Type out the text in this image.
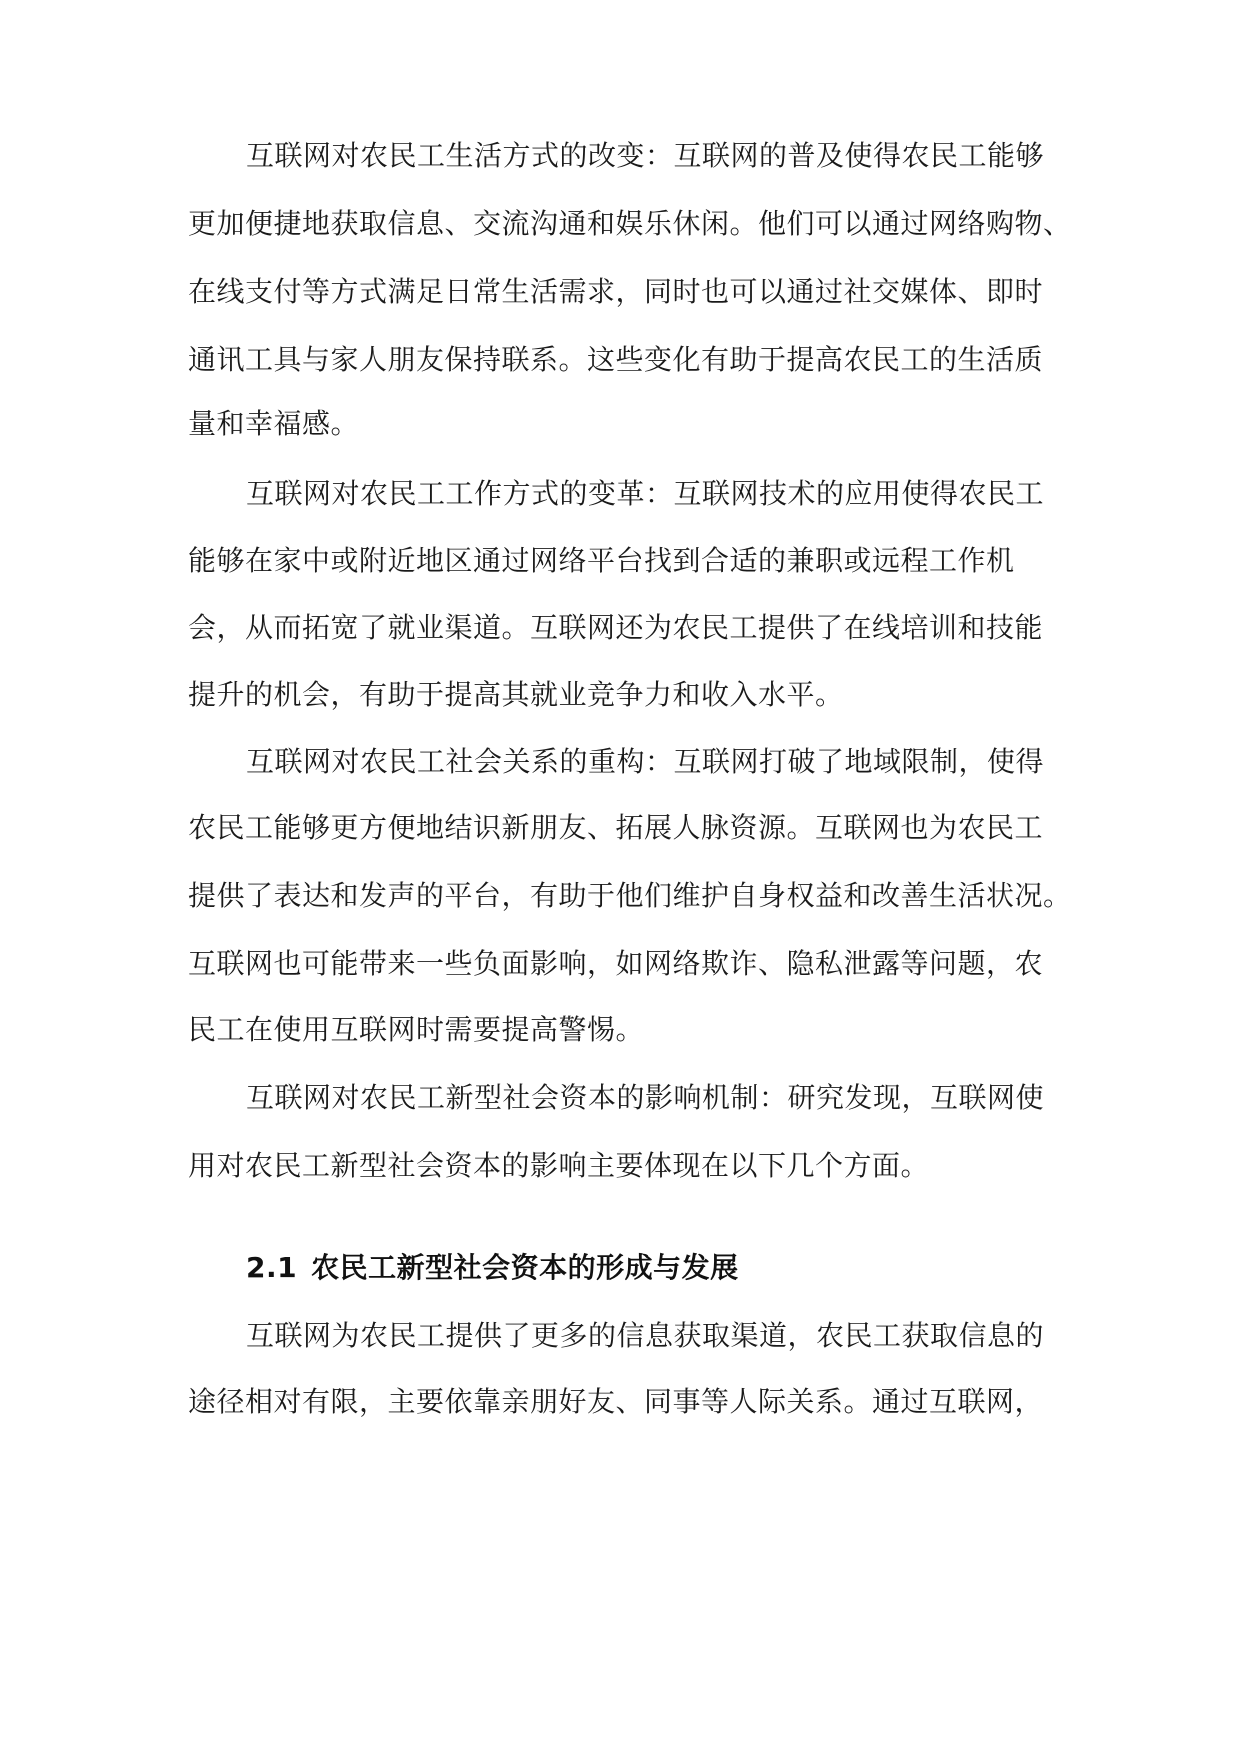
互联网对农民工生活方式的改变：互联网的普及使得农民工能够
更加便捷地获取信息、交流沟通和娱乐休闲。他们可以通过网络购物、
在线支付等方式满足日常生活需求，同时也可以通过社交媒体、即时
通讯工具与家人朋友保持联系。这些变化有助于提高农民工的生活质
量和幸福感。
互联网对农民工工作方式的变革：互联网技术的应用使得农民工
能够在家中或附近地区通过网络平台找到合适的兼职或远程工作机
会，从而拓宽了就业渠道。互联网还为农民工提供了在线培训和技能
提升的机会，有助于提高其就业竞争力和收入水平。
互联网对农民工社会关系的重构：互联网打破了地域限制，使得
农民工能够更方便地结识新朋友、拓展人脉资源。互联网也为农民工
提供了表达和发声的平台，有助于他们维护自身权益和改善生活状况。
互联网也可能带来一些负面影响，如网络欺诈、隐私泄露等问题，农
民工在使用互联网时需要提高警惕。
互联网对农民工新型社会资本的影响机制：研究发现，互联网使
用对农民工新型社会资本的影响主要体现在以下几个方面。
2.1 农民工新型社会资本的形成与发展
互联网为农民工提供了更多的信息获取渠道，农民工获取信息的
途径相对有限，主要依靠亲朋好友、同事等人际关系。通过互联网，
